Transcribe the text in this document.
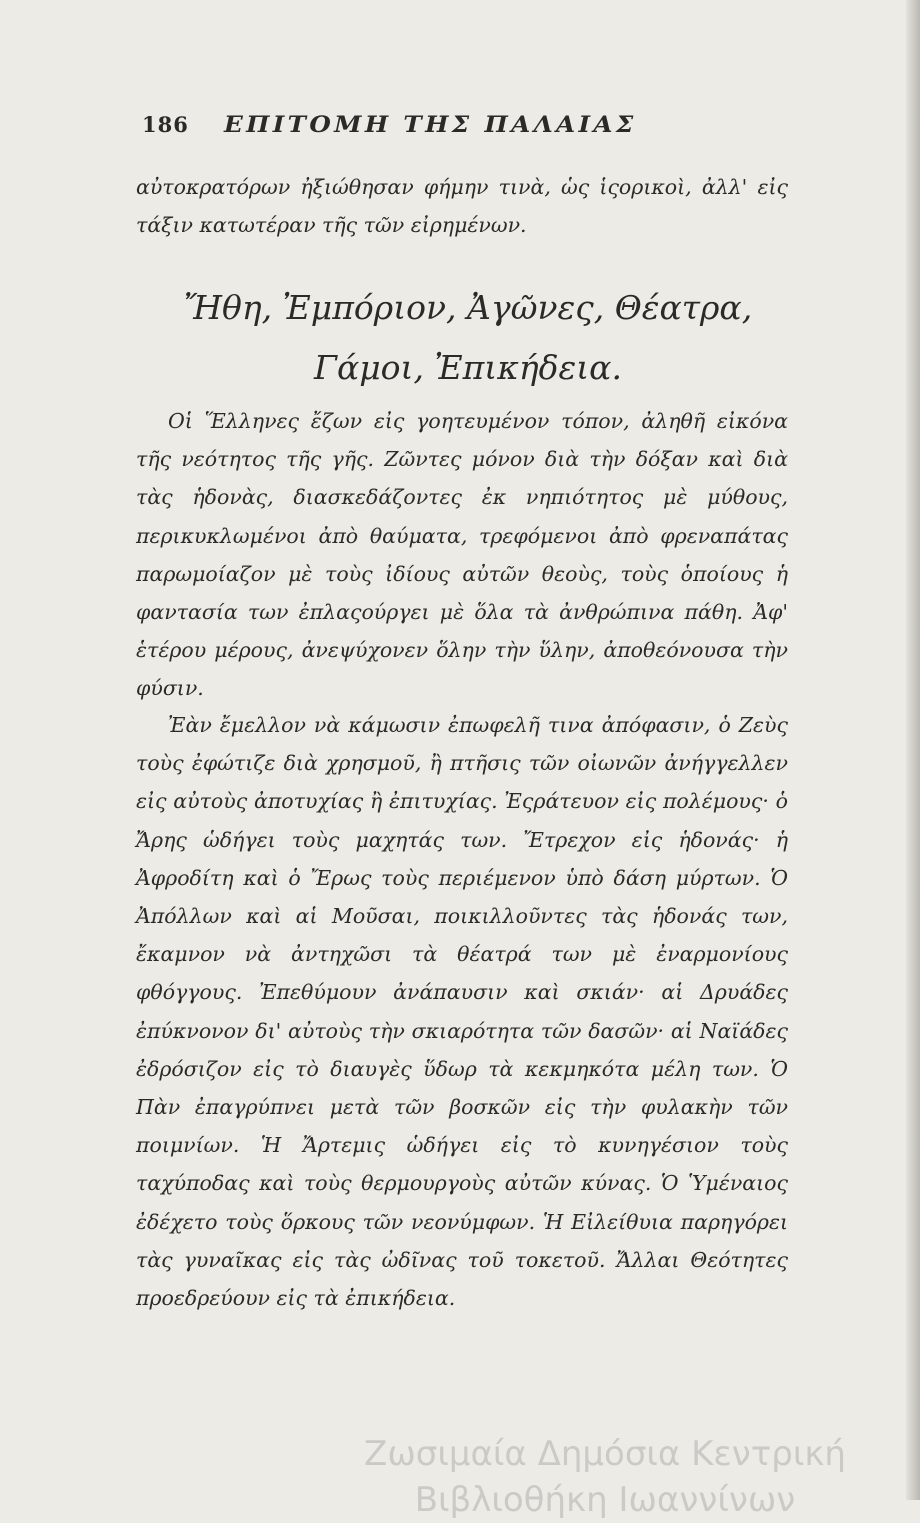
186 ΕΠΙΤΟΜΗ ΤΗΣ ΠΑΛΑΙΑΣ
αὐτοκρατόρων ἠξιώθησαν φήμην τινὰ, ὡς ἱςορικοὶ, ἀλλ' εἰς τάξιν κατωτέραν τῆς τῶν εἰρημένων.
Ἤθη, Ἐμπόριον, Ἀγῶνες, Θέατρα, Γάμοι, Ἐπικήδεια.
Οἱ Ἕλληνες ἔζων εἰς γοητευμένον τόπον, ἀληθῆ εἰκόνα τῆς νεότητος τῆς γῆς. Ζῶντες μόνον διὰ τὴν δόξαν καὶ διὰ τὰς ἡδονὰς, διασκεδάζοντες ἐκ νηπιότητος μὲ μύθους, περικυκλωμένοι ἀπὸ θαύματα, τρεφόμενοι ἀπὸ φρεναπάτας παρωμοίαζον μὲ τοὺς ἰδίους αὐτῶν θεοὺς, τοὺς ὁποίους ἡ φαντασία των ἐπλαςούργει μὲ ὅλα τὰ ἀνθρώπινα πάθη. Ἀφ' ἑτέρου μέρους, ἀνεψύχονεν ὅλην τὴν ὕλην, ἀποθεόνουσα τὴν φύσιν.
Ἐὰν ἔμελλον νὰ κάμωσιν ἐπωφελῆ τινα ἀπόφασιν, ὁ Ζεὺς τοὺς ἐφώτιζε διὰ χρησμοῦ, ἢ πτῆσις τῶν οἰωνῶν ἀνήγγελλεν εἰς αὐτοὺς ἀποτυχίας ἢ ἐπιτυχίας. Ἐςράτευον εἰς πολέμους· ὁ Ἄρης ὡδήγει τοὺς μαχητάς των. Ἔτρεχον εἰς ἡδονάς· ἡ Ἀφροδίτη καὶ ὁ Ἔρως τοὺς περιέμενον ὑπὸ δάση μύρτων. Ὁ Ἀπόλλων καὶ αἱ Μοῦσαι, ποικιλλοῦντες τὰς ἡδονάς των, ἔκαμνον νὰ ἀντηχῶσι τὰ θέατρά των μὲ ἐναρμονίους φθόγγους. Ἐπεθύμουν ἀνάπαυσιν καὶ σκιάν· αἱ Δρυάδες ἐπύκνονον δι' αὐτοὺς τὴν σκιαρότητα τῶν δασῶν· αἱ Ναϊάδες ἐδρόσιζον εἰς τὸ διαυγὲς ὕδωρ τὰ κεκμηκότα μέλη των. Ὁ Πὰν ἐπαγρύπνει μετὰ τῶν βοσκῶν εἰς τὴν φυλακὴν τῶν ποιμνίων. Ἡ Ἄρτεμις ὡδήγει εἰς τὸ κυνηγέσιον τοὺς ταχύποδας καὶ τοὺς θερμουργοὺς αὐτῶν κύνας. Ὁ Ὑμέναιος ἐδέχετο τοὺς ὅρκους τῶν νεονύμφων. Ἡ Εἰλείθυια παρηγόρει τὰς γυναῖκας εἰς τὰς ὠδῖνας τοῦ τοκετοῦ. Ἄλλαι Θεότητες προεδρεύουν εἰς τὰ ἐπικήδεια.
Ζωσιμαία Δημόσια Κεντρική
Βιβλιοθήκη Ιωαννίνων
